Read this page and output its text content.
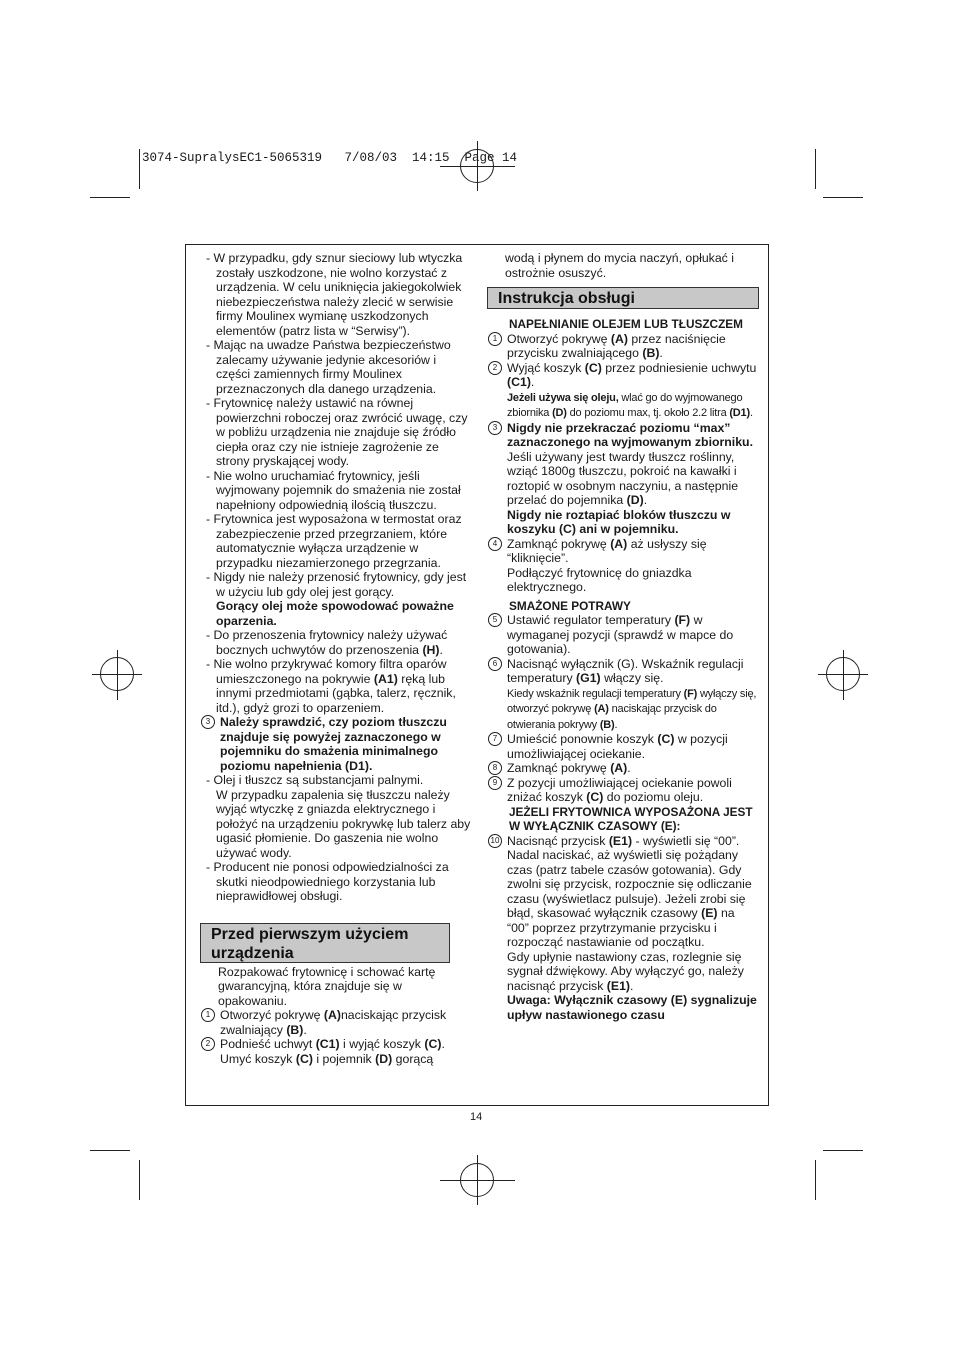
3074-SupralysEC1-5065319   7/08/03  14:15  Page 14

- W przypadku, gdy sznur sieciowy lub wtyczka zostały uszkodzone, nie wolno korzystać z urządzenia. W celu uniknięcia jakiegokolwiek niebezpieczeństwa należy zlecić w serwisie firmy Moulinex wymianę uszkodzonych elementów (patrz lista w “Serwisy”).

- Mając na uwadze Państwa bezpieczeństwo zalecamy używanie jedynie akcesoriów i części zamiennych firmy Moulinex przeznaczonych dla danego urządzenia.

- Frytownicę należy ustawić na równej powierzchni roboczej oraz zwrócić uwagę, czy w pobliżu urządzenia nie znajduje się źródło ciepła oraz czy nie istnieje zagrożenie ze strony pryskającej wody.

- Nie wolno uruchamiać frytownicy, jeśli wyjmowany pojemnik do smażenia nie został napełniony odpowiednią ilością tłuszczu.

- Frytownica jest wyposażona w termostat oraz zabezpieczenie przed przegrzaniem, które automatycznie wyłącza urządzenie w przypadku niezamierzonego przegrzania.

- Nigdy nie należy przenosić frytownicy, gdy jest w użyciu lub gdy olej jest gorący.
Gorący olej może spowodować poważne oparzenia.

- Do przenoszenia frytownicy należy używać bocznych uchwytów do przenoszenia (H).

- Nie wolno przykrywać komory filtra oparów umieszczonego na pokrywie (A1) ręką lub innymi przedmiotami (gąbka, talerz, ręcznik, itd.), gdyż grozi to oparzeniem.

3 Należy sprawdzić, czy poziom tłuszczu znajduje się powyżej zaznaczonego w pojemniku do smażenia minimalnego poziomu napełnienia (D1).

- Olej i tłuszcz są substancjami palnymi.
W przypadku zapalenia się tłuszczu należy wyjąć wtyczkę z gniazda elektrycznego i położyć na urządzeniu pokrywkę lub talerz aby ugasić płomienie. Do gaszenia nie wolno używać wody.

- Producent nie ponosi odpowiedzialności za skutki nieodpowiedniego korzystania lub nieprawidłowej obsługi.

Przed pierwszym użyciem urządzenia

Rozpakować frytownicę i schować kartę gwarancyjną, która znajduje się w opakowaniu.

1 Otworzyć pokrywę (A)naciskając przycisk zwalniający (B).

2 Podnieść uchwyt (C1) i wyjąć koszyk (C).
Umyć koszyk (C) i pojemnik (D) gorącą

wodą i płynem do mycia naczyń, opłukać i ostrożnie osuszyć.

Instrukcja obsługi

NAPEŁNIANIE OLEJEM LUB TŁUSZCZEM

1 Otworzyć pokrywę (A) przez naciśnięcie przycisku zwalniającego (B).

2 Wyjąć koszyk (C) przez podniesienie uchwytu (C1).
Jeżeli używa się oleju, wlać go do wyjmowanego zbiornika (D) do poziomu max, tj. około 2.2 litra (D1).

3 Nigdy nie przekraczać poziomu “max” zaznaczonego na wyjmowanym zbiorniku.
Jeśli używany jest twardy tłuszcz roślinny, wziąć 1800g tłuszczu, pokroić na kawałki i roztopić w osobnym naczyniu, a następnie przelać do pojemnika (D).
Nigdy nie roztapiać bloków tłuszczu w koszyku (C) ani w pojemniku.

4 Zamknąć pokrywę (A) aż usłyszy się “kliknięcie”.
Podłączyć frytownicę do gniazdka elektrycznego.

SMAŻONE POTRAWY

5 Ustawić regulator temperatury (F) w wymaganej pozycji (sprawdź w mapce do gotowania).

6 Nacisnąć wyłącznik (G). Wskaźnik regulacji temperatury (G1) włączy się.
Kiedy wskaźnik regulacji temperatury (F) wyłączy się, otworzyć pokrywę (A) naciskając przycisk do otwierania pokrywy (B).

7 Umieścić ponownie koszyk (C) w pozycji umożliwiającej ociekanie.

8 Zamknąć pokrywę (A).

9 Z pozycji umożliwiającej ociekanie powoli zniżać koszyk (C) do poziomu oleju.

JEŻELI FRYTOWNICA WYPOSAŻONA JEST W WYŁĄCZNIK CZASOWY (E):

10 Nacisnąć przycisk (E1) - wyświetli się “00”. Nadal naciskać, aż wyświetli się pożądany czas (patrz tabele czasów gotowania). Gdy zwolni się przycisk, rozpocznie się odliczanie czasu (wyświetlacz pulsuje). Jeżeli zrobi się błąd, skasować wyłącznik czasowy (E) na “00” poprzez przytrzymanie przycisku i rozpocząć nastawianie od początku.
Gdy upłynie nastawiony czas, rozlegnie się sygnał dźwiękowy. Aby wyłączyć go, należy nacisnąć przycisk (E1).
Uwaga: Wyłącznik czasowy (E) sygnalizuje upływ nastawionego czasu

14
